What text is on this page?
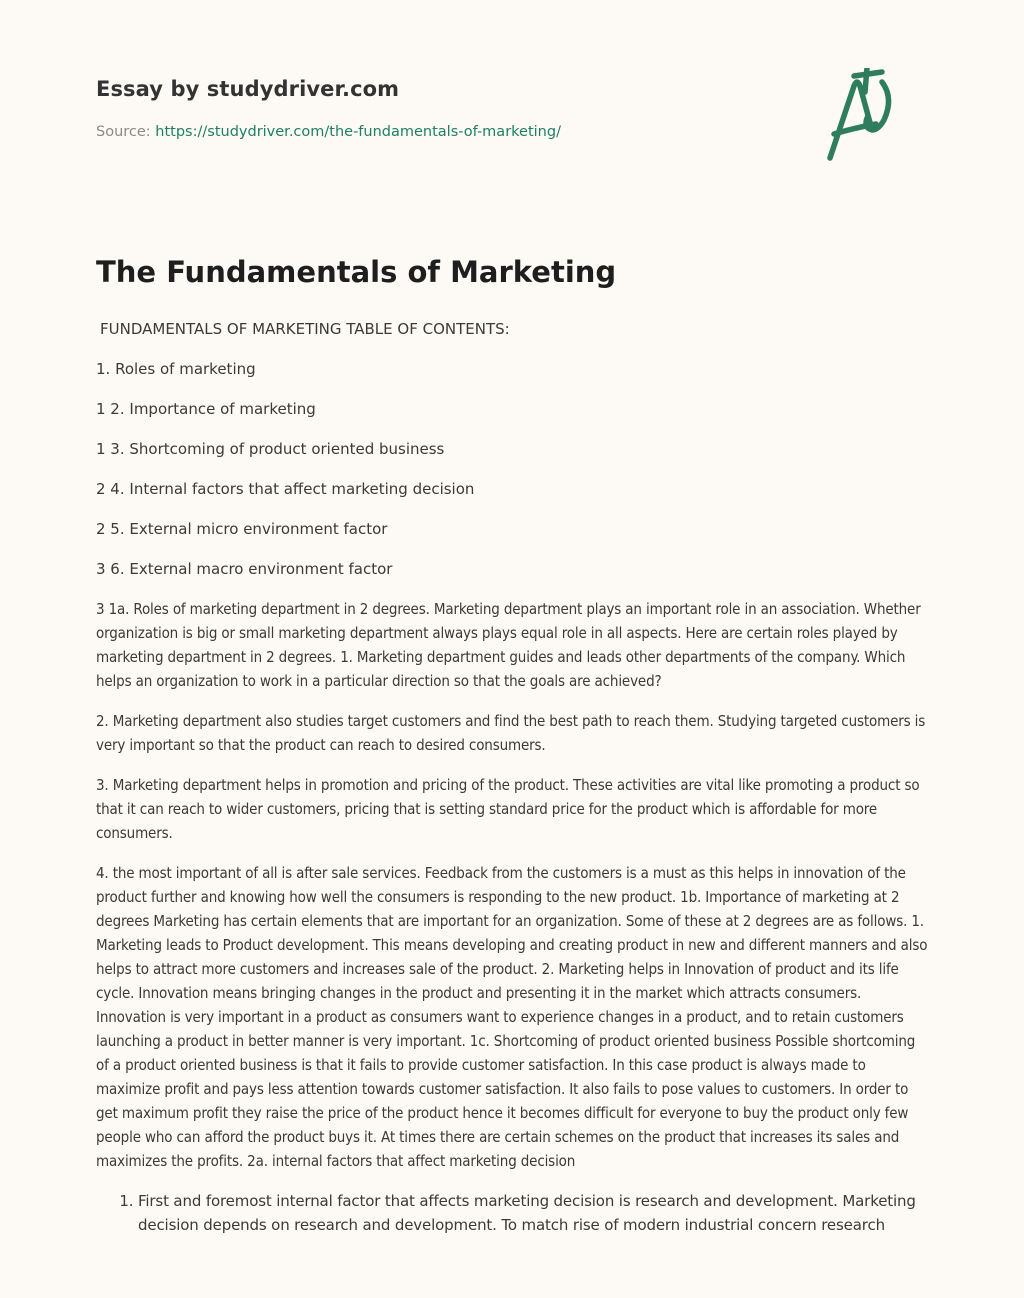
Essay by studydriver.com
Source: https://studydriver.com/the-fundamentals-of-marketing/
The Fundamentals of Marketing

FUNDAMENTALS OF MARKETING TABLE OF CONTENTS:

1. Roles of marketing

1 2. Importance of marketing

1 3. Shortcoming of product oriented business

2 4. Internal factors that affect marketing decision

2 5. External micro environment factor

3 6. External macro environment factor

3 1a. Roles of marketing department in 2 degrees. Marketing department plays an important role in an association. Whether organization is big or small marketing department always plays equal role in all aspects. Here are certain roles played by marketing department in 2 degrees. 1. Marketing department guides and leads other departments of the company. Which helps an organization to work in a particular direction so that the goals are achieved?

2. Marketing department also studies target customers and find the best path to reach them. Studying targeted customers is very important so that the product can reach to desired consumers.

3. Marketing department helps in promotion and pricing of the product. These activities are vital like promoting a product so that it can reach to wider customers, pricing that is setting standard price for the product which is affordable for more consumers.

4. the most important of all is after sale services. Feedback from the customers is a must as this helps in innovation of the product further and knowing how well the consumers is responding to the new product. 1b. Importance of marketing at 2 degrees Marketing has certain elements that are important for an organization. Some of these at 2 degrees are as follows. 1. Marketing leads to Product development. This means developing and creating product in new and different manners and also helps to attract more customers and increases sale of the product. 2. Marketing helps in Innovation of product and its life cycle. Innovation means bringing changes in the product and presenting it in the market which attracts consumers. Innovation is very important in a product as consumers want to experience changes in a product, and to retain customers launching a product in better manner is very important. 1c. Shortcoming of product oriented business Possible shortcoming of a product oriented business is that it fails to provide customer satisfaction. In this case product is always made to maximize profit and pays less attention towards customer satisfaction. It also fails to pose values to customers. In order to get maximum profit they raise the price of the product hence it becomes difficult for everyone to buy the product only few people who can afford the product buys it. At times there are certain schemes on the product that increases its sales and maximizes the profits. 2a. internal factors that affect marketing decision

1. First and foremost internal factor that affects marketing decision is research and development. Marketing decision depends on research and development. To match rise of modern industrial concern research
